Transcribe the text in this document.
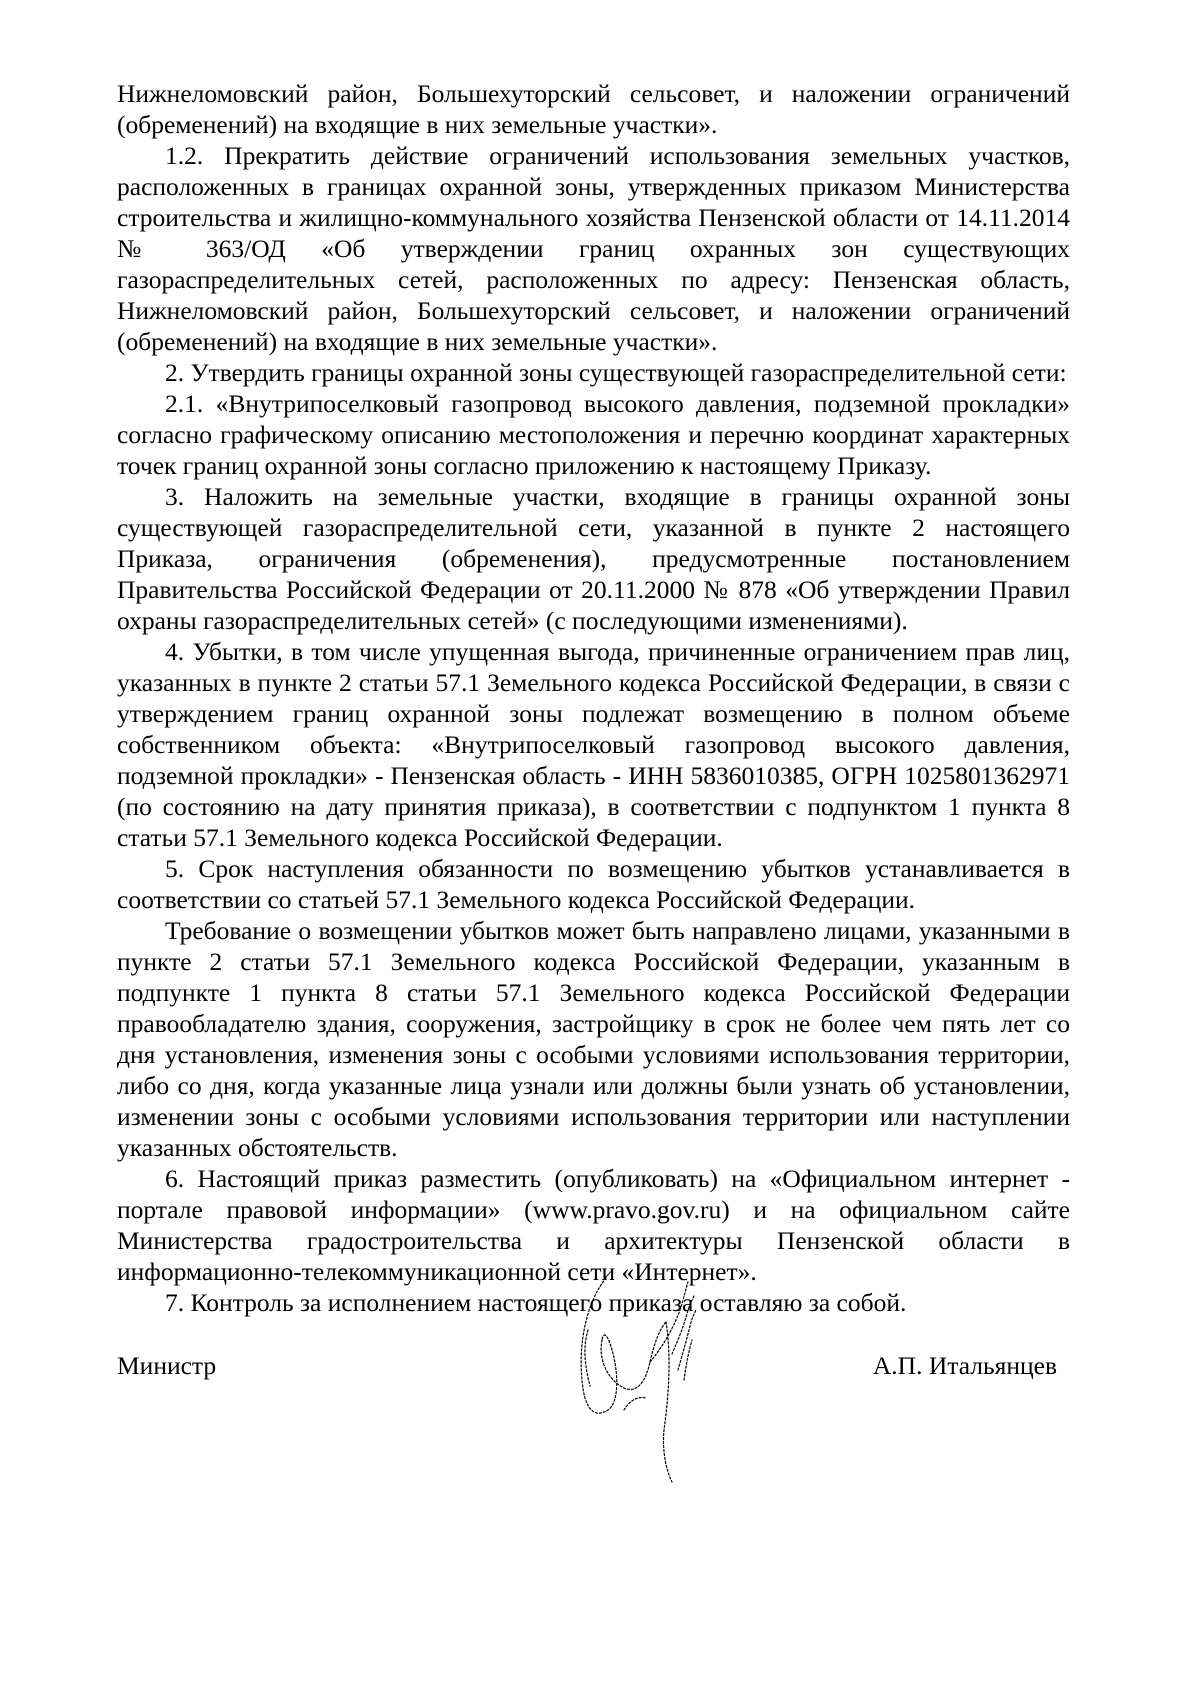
Нижнеломовский район, Большехуторский сельсовет, и наложении ограничений (обременений) на входящие в них земельные участки».

1.2. Прекратить действие ограничений использования земельных участков, расположенных в границах охранной зоны, утвержденных приказом Министерства строительства и жилищно-коммунального хозяйства Пензенской области от 14.11.2014 № 363/ОД «Об утверждении границ охранных зон существующих газораспределительных сетей, расположенных по адресу: Пензенская область, Нижнеломовский район, Большехуторский сельсовет, и наложении ограничений (обременений) на входящие в них земельные участки».

2. Утвердить границы охранной зоны существующей газораспределительной сети:

2.1. «Внутрипоселковый газопровод высокого давления, подземной прокладки» согласно графическому описанию местоположения и перечню координат характерных точек границ охранной зоны согласно приложению к настоящему Приказу.

3. Наложить на земельные участки, входящие в границы охранной зоны существующей газораспределительной сети, указанной в пункте 2 настоящего Приказа, ограничения (обременения), предусмотренные постановлением Правительства Российской Федерации от 20.11.2000 № 878 «Об утверждении Правил охраны газораспределительных сетей» (с последующими изменениями).

4. Убытки, в том числе упущенная выгода, причиненные ограничением прав лиц, указанных в пункте 2 статьи 57.1 Земельного кодекса Российской Федерации, в связи с утверждением границ охранной зоны подлежат возмещению в полном объеме собственником объекта: «Внутрипоселковый газопровод высокого давления, подземной прокладки» - Пензенская область - ИНН 5836010385, ОГРН 1025801362971 (по состоянию на дату принятия приказа), в соответствии с подпунктом 1 пункта 8 статьи 57.1 Земельного кодекса Российской Федерации.

5. Срок наступления обязанности по возмещению убытков устанавливается в соответствии со статьей 57.1 Земельного кодекса Российской Федерации.

Требование о возмещении убытков может быть направлено лицами, указанными в пункте 2 статьи 57.1 Земельного кодекса Российской Федерации, указанным в подпункте 1 пункта 8 статьи 57.1 Земельного кодекса Российской Федерации правообладателю здания, сооружения, застройщику в срок не более чем пять лет со дня установления, изменения зоны с особыми условиями использования территории, либо со дня, когда указанные лица узнали или должны были узнать об установлении, изменении зоны с особыми условиями использования территории или наступлении указанных обстоятельств.

6. Настоящий приказ разместить (опубликовать) на «Официальном интернет - портале правовой информации» (www.pravo.gov.ru) и на официальном сайте Министерства градостроительства и архитектуры Пензенской области в информационно-телекоммуникационной сети «Интернет».

7. Контроль за исполнением настоящего приказа оставляю за собой.

Министр	А.П. Итальянцев
